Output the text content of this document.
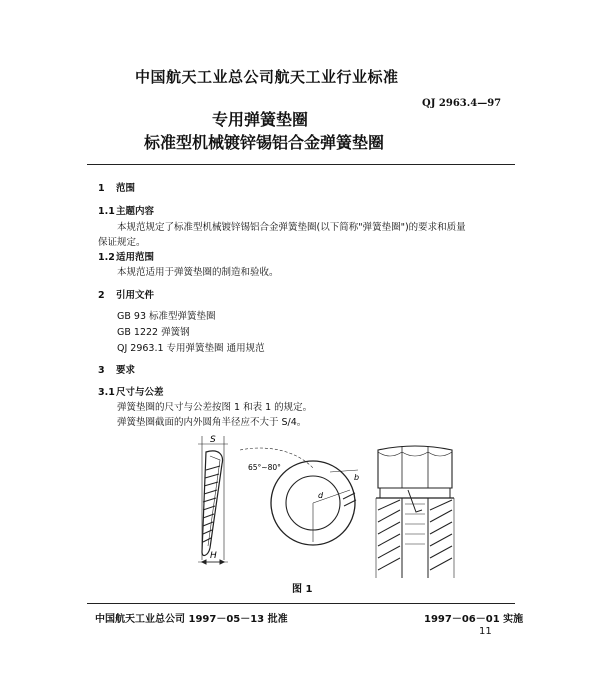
中国航天工业总公司航天工业行业标准
QJ 2963.4—97
专用弹簧垫圈
标准型机械镀锌锡铝合金弹簧垫圈
1 范围
1.1主题内容
本规范规定了标准型机械镀锌锡铝合金弹簧垫圈(以下简称"弹簧垫圈")的要求和质量
保证规定。
1.2适用范围
本规范适用于弹簧垫圈的制造和验收。
2 引用文件
GB 93 标准型弹簧垫圈
GB 1222 弹簧钢
QJ 2963.1 专用弹簧垫圈 通用规范
3 要求
3.1尺寸与公差
弹簧垫圈的尺寸与公差按图 1 和表 1 的规定。
弹簧垫圈截面的内外圆角半径应不大于 S/4。
S
H
65°~80°
b
d
图 1
中国航天工业总公司 1997－05－13 批准	1997－06－01 实施
11
